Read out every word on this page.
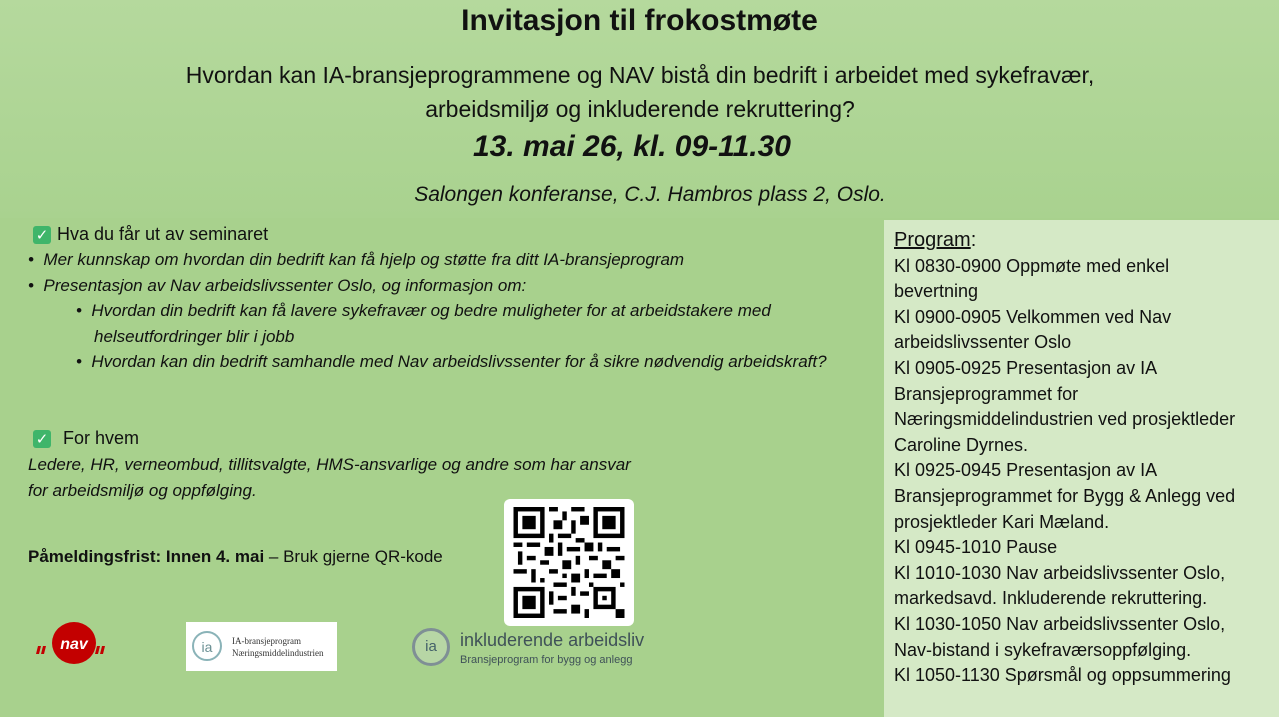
Invitasjon til frokostmøte
Hvordan kan IA-bransjeprogrammene og NAV bistå din bedrift i arbeidet med sykefravær, arbeidsmiljø og inkluderende rekruttering?
13. mai 26, kl. 09-11.30
Salongen konferanse, C.J. Hambros plass 2, Oslo.
✓ Hva du får ut av seminaret
•  Mer kunnskap om hvordan din bedrift kan få hjelp og støtte fra ditt IA-bransjeprogram
•  Presentasjon av Nav arbeidslivssenter Oslo, og informasjon om:
•  Hvordan din bedrift kan få lavere sykefravær og bedre muligheter for at arbeidstakere med helseutfordringer blir i jobb
•  Hvordan kan din bedrift samhandle med Nav arbeidslivssenter for å sikre nødvendig arbeidskraft?
✓ For hvem
Ledere, HR, verneombud, tillitsvalgte, HMS-ansvarlige og andre som har ansvar
for arbeidsmiljø og oppfølging.
Påmeldingsfrist: Innen 4. mai – Bruk gjerne QR-kode
nav	ia	IA-bransjeprogram
Næringsmiddelindustrien	ia	inkluderende arbeidsliv
Bransjeprogram for bygg og anlegg
Program:
Kl 0830-0900 Oppmøte med enkel
bevertning
Kl 0900-0905 Velkommen ved Nav
arbeidslivssenter Oslo
Kl 0905-0925 Presentasjon av IA
Bransjeprogrammet for
Næringsmiddelindustrien ved prosjektleder
Caroline Dyrnes.
Kl 0925-0945 Presentasjon av IA
Bransjeprogrammet for Bygg & Anlegg ved
prosjektleder Kari Mæland.
Kl 0945-1010 Pause
Kl 1010-1030 Nav arbeidslivssenter Oslo,
markedsavd. Inkluderende rekruttering.
Kl 1030-1050 Nav arbeidslivssenter Oslo,
Nav-bistand i sykefraværsoppfølging.
Kl 1050-1130 Spørsmål og oppsummering
